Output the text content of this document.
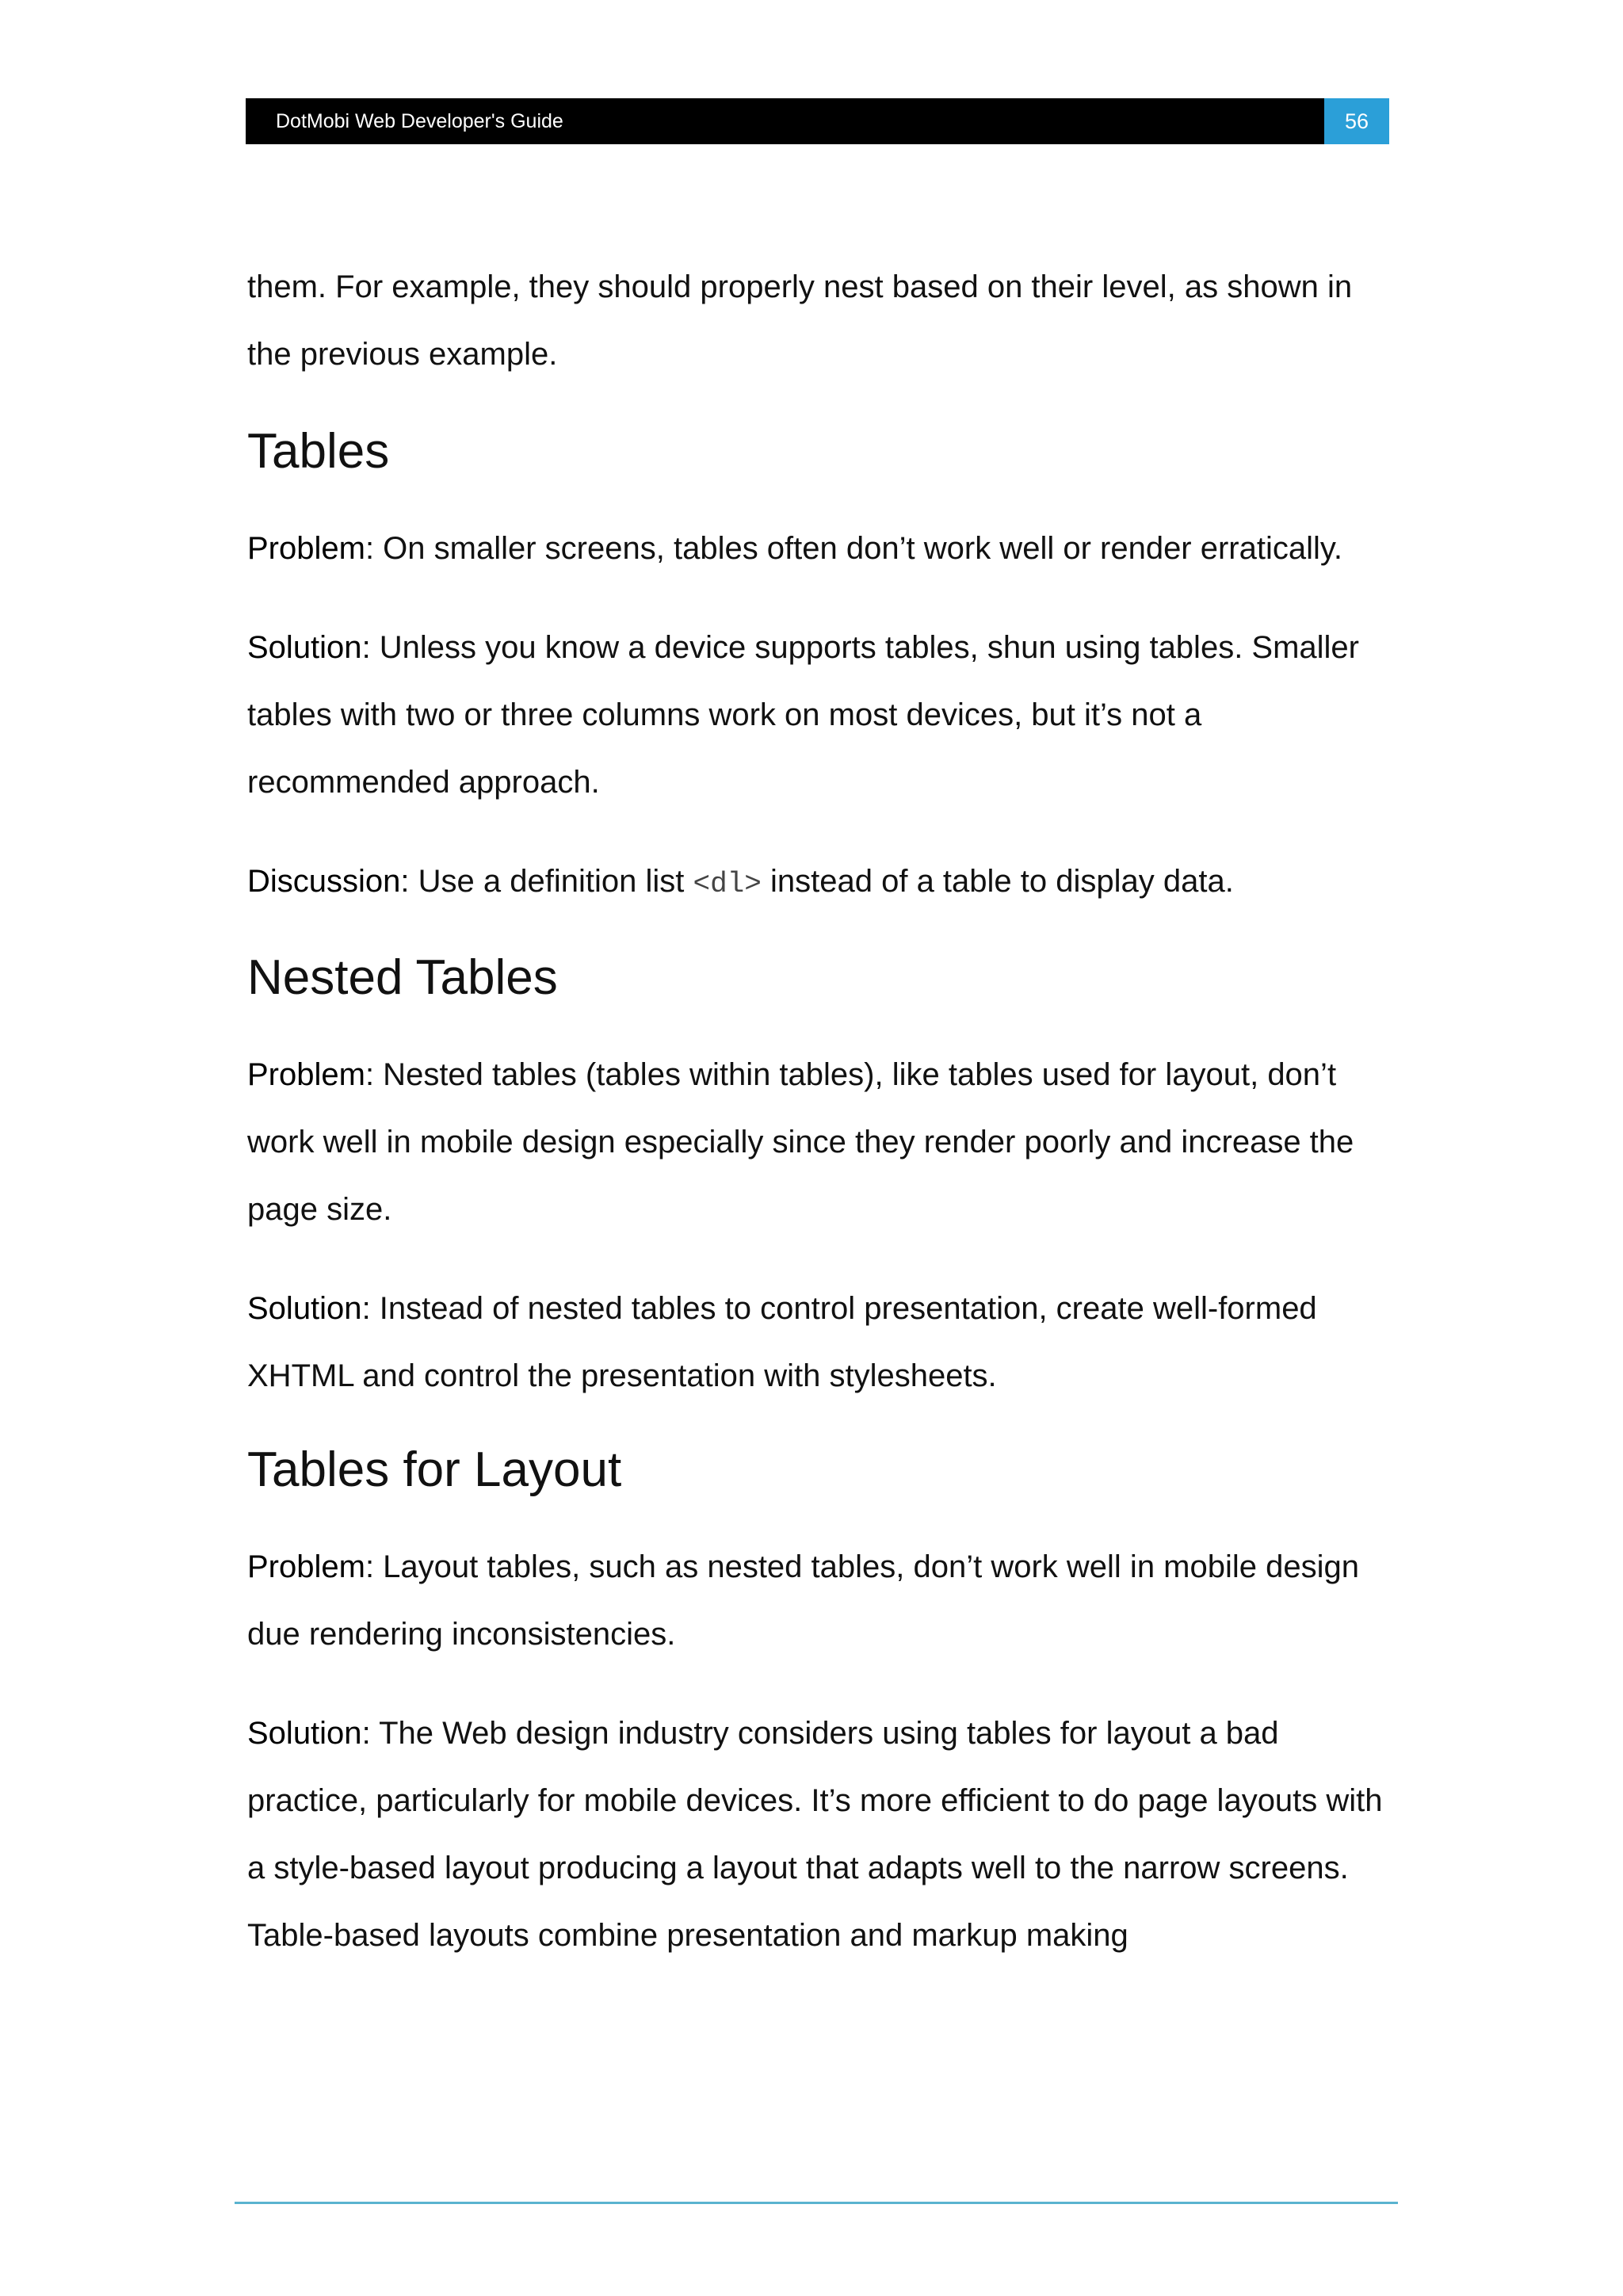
DotMobi Web Developer's Guide	56

them. For example, they should properly nest based on their level, as shown in the previous example.

Tables

Problem: On smaller screens, tables often don’t work well or render erratically.

Solution: Unless you know a device supports tables, shun using tables. Smaller tables with two or three columns work on most devices, but it’s not a recommended approach.

Discussion: Use a definition list <dl> instead of a table to display data.

Nested Tables

Problem: Nested tables (tables within tables), like tables used for layout, don’t work well in mobile design especially since they render poorly and increase the page size.

Solution: Instead of nested tables to control presentation, create well-formed XHTML and control the presentation with stylesheets.

Tables for Layout

Problem: Layout tables, such as nested tables, don’t work well in mobile design due rendering inconsistencies.

Solution: The Web design industry considers using tables for layout a bad practice, particularly for mobile devices. It’s more efficient to do page layouts with a style-based layout producing a layout that adapts well to the narrow screens. Table-based layouts combine presentation and markup making
